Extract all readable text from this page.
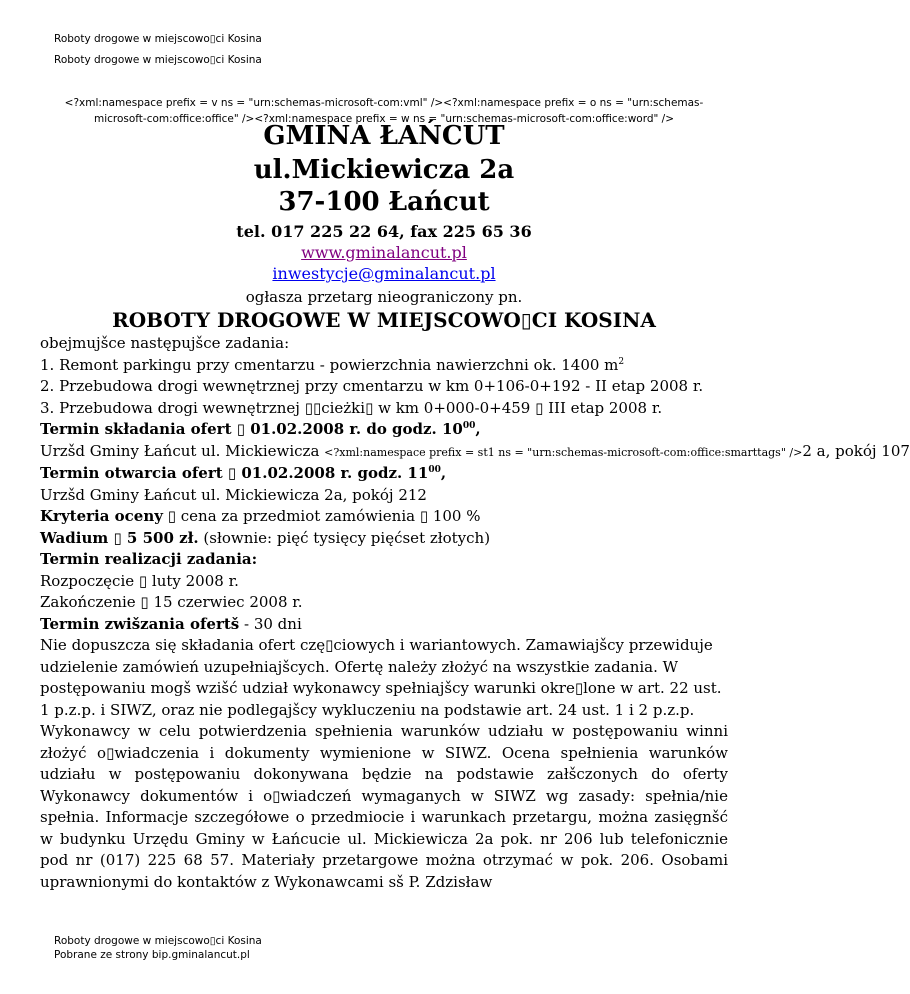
Roboty drogowe w miejscowo▯ci Kosina
Roboty drogowe w miejscowo▯ci Kosina
<?xml:namespace prefix = v ns = "urn:schemas-microsoft-com:vml" /><?xml:namespace prefix = o ns = "urn:schemas-microsoft-com:office:office" /><?xml:namespace prefix = w ns = "urn:schemas-microsoft-com:office:word" />
GMINA ŁAŃCUT
ul.Mickiewicza 2a
37-100 Łańcut
tel. 017 225 22 64, fax 225 65 36
www.gminalancut.pl
inwestycje@gminalancut.pl
ogłasza przetarg nieograniczony pn.
ROBOTY DROGOWE W MIEJSCOWO▯CI KOSINA

obejmujšce następujšce zadania:

1. Remont parkingu przy cmentarzu - powierzchnia nawierzchni ok. 1400 $m^2$

2. Przebudowa drogi wewnętrznej przy cmentarzu w km 0+106-0+192 - II etap 2008 r.

3. Przebudowa drogi wewnętrznej ▯▯cieżki▯ w km 0+000-0+459 ▯ III etap 2008 r.

Termin składania ofert ▯ 01.02.2008 r. do godz. $10^{00}$,

Urzšd Gminy Łańcut ul. Mickiewicza <?xml:namespace prefix = st1 ns = "urn:schemas-microsoft-com:office:smarttags" />2 a, pokój 107

Termin otwarcia ofert ▯ 01.02.2008 r. godz. $11^{00}$,

Urzšd Gminy Łańcut ul. Mickiewicza 2a, pokój 212

Kryteria oceny ▯ cena za przedmiot zamówienia ▯ 100 %

Wadium ▯ 5 500 zł. (słownie: pięć tysięcy pięćset złotych)

Termin realizacji zadania:

Rozpoczęcie ▯ luty 2008 r.

Zakończenie ▯ 15 czerwiec 2008 r.

Termin zwišzania ofertš - 30 dni

Nie dopuszcza się składania ofert czę▯ciowych i wariantowych. Zamawiajšcy przewiduje udzielenie zamówień uzupełniajšcych. Ofertę należy złożyć na wszystkie zadania. W postępowaniu mogš wzišć udział wykonawcy spełniajšcy warunki okre▯lone w art. 22 ust. 1 p.z.p. i SIWZ, oraz nie podlegajšcy wykluczeniu na podstawie art. 24 ust. 1 i 2 p.z.p.

Wykonawcy w celu potwierdzenia spełnienia warunków udziału w postępowaniu winni złożyć o▯wiadczenia i dokumenty wymienione w SIWZ. Ocena spełnienia warunków udziału w postępowaniu dokonywana będzie na podstawie załšczonych do oferty Wykonawcy dokumentów i o▯wiadczeń wymaganych w SIWZ wg zasady: spełnia/nie spełnia. Informacje szczegółowe o przedmiocie i warunkach przetargu, można zasięgnšć w budynku Urzędu Gminy w Łańcucie ul. Mickiewicza 2a pok. nr 206 lub telefonicznie pod nr (017) 225 68 57. Materiały przetargowe można otrzymać w pok. 206. Osobami uprawnionymi do kontaktów z Wykonawcami sš P. Zdzisław

Roboty drogowe w miejscowo▯ci Kosina
Pobrane ze strony bip.gminalancut.pl
